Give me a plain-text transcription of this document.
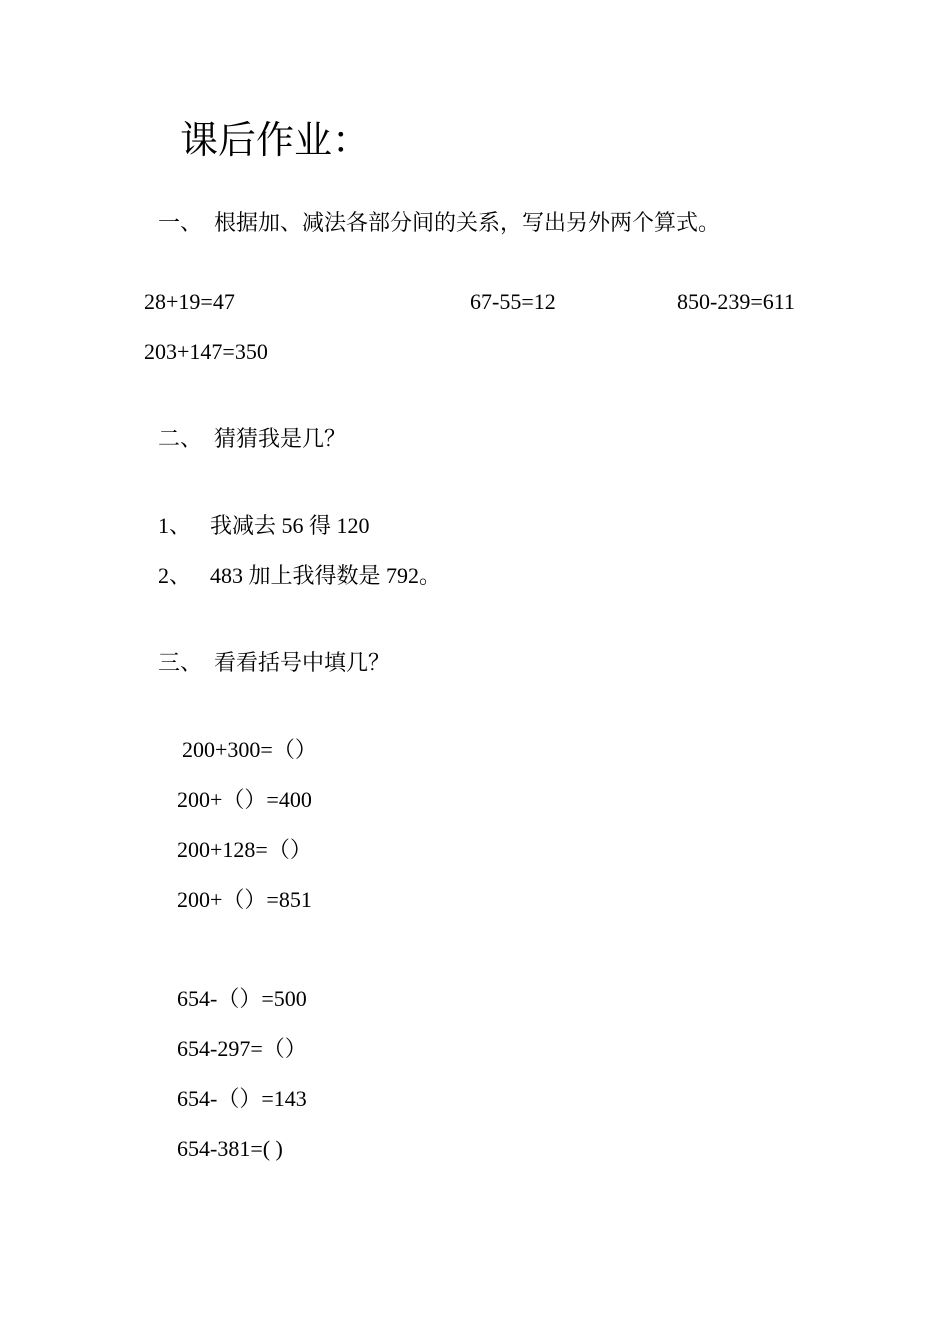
课后作业：
一、 根据加、减法各部分间的关系，写出另外两个算式。
28+19=47	67-55=12	850-239=611
203+147=350
二、 猜猜我是几？
1、 我减去 56 得 120
2、 483 加上我得数是 792。
三、 看看括号中填几？
200+300=（）
200+（）=400
200+128=（）
200+（）=851
654-（）=500
654-297=（）
654-（）=143
654-381=( )
